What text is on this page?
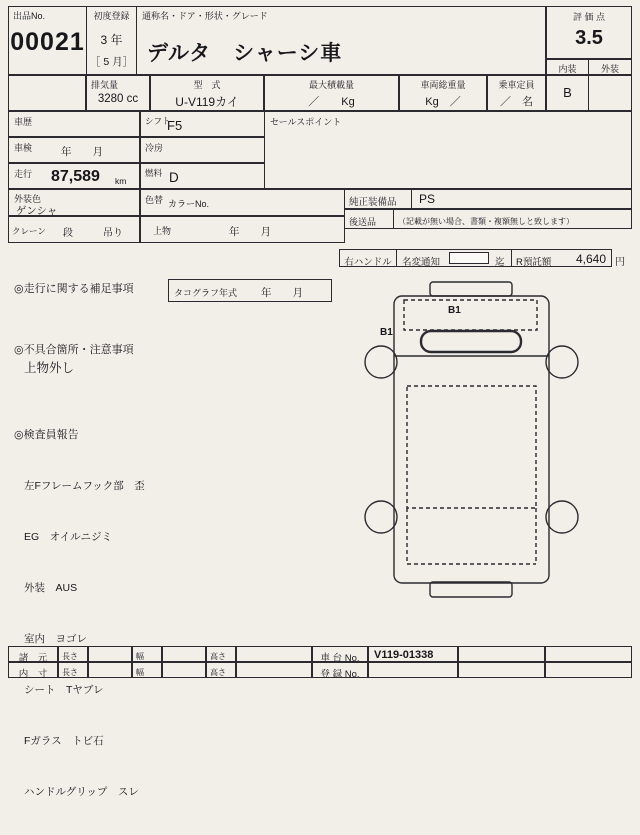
出品No.
00021
初度登録
3 年
［ 5 月］
通称名・ドア・形状・グレード
デルタ　シャーシ車
評 価 点
3.5
内装	外装
B
排気量
3280 cc
型　式
U-V119カイ
最大積載量
／　　Kg
車両総重量
Kg　／
乗車定員
／　名
車歴	シフト
F5
車検	年　　月	冷房
走行 87,589 km
燃料 D
外装色
ゲンシャ
色替 カラーNo.
クレーン 段	吊り	上物	年　　月
セールスポイント
純正装備品 PS
後送品	（記載が無い場合、書類・複額無しと致します）
右ハンドル	名変通知	迄 R預託額 4,640 円
◎走行に関する補足事項	タコグラフ年式 年　　月
◎不具合箇所・注意事項
上物外し
◎検査員報告

左Fフレームフック部　歪

EG　オイルニジミ

外装　AUS

室内　ヨゴレ

シート　Tヤブレ

Fガラス　トビ石

ハンドルグリップ　スレ

B1
B1
諸　元	長さ	幅	高さ	車 台 No.	V119-01338
内　寸	長さ	幅	高さ	登 録 No.
